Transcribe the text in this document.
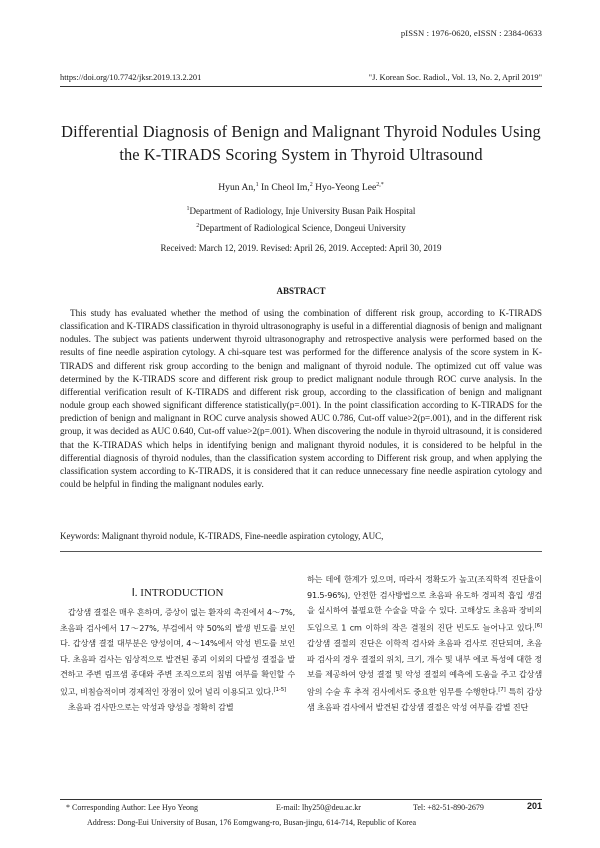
pISSN : 1976-0620, eISSN : 2384-0633
https://doi.org/10.7742/jksr.2019.13.2.201	"J. Korean Soc. Radiol., Vol. 13, No. 2, April 2019"
Differential Diagnosis of Benign and Malignant Thyroid Nodules Using
the K-TIRADS Scoring System in Thyroid Ultrasound
Hyun An,$^1$ In Cheol Im,$^2$ Hyo-Yeong Lee$^{2,*}$
$^1$Department of Radiology, Inje University Busan Paik Hospital
$^2$Department of Radiological Science, Dongeui University
Received: March 12, 2019. Revised: April 26, 2019. Accepted: April 30, 2019
ABSTRACT

This study has evaluated whether the method of using the combination of different risk group, according to K-TIRADS classification and K-TIRADS classification in thyroid ultrasonography is useful in a differential diagnosis of benign and malignant nodules. The subject was patients underwent thyroid ultrasonography and retrospective analysis were performed based on the results of fine needle aspiration cytology. A chi-square test was performed for the difference analysis of the score system in K-TIRADS and different risk group according to the benign and malignant of thyroid nodule. The optimized cut off value was determined by the K-TIRADS score and different risk group to predict malignant nodule through ROC curve analysis. In the differential verification result of K-TIRADS and different risk group, according to the classification of benign and malignant nodule group each showed significant difference statistically(p=.001). In the point classification according to K-TIRADS for the prediction of benign and malignant in ROC curve analysis showed AUC 0.786, Cut-off value>2(p=.001), and in the different risk group, it was decided as AUC 0.640, Cut-off value>2(p=.001). When discovering the nodule in thyroid ultrasound, it is considered that the K-TIRADAS which helps in identifying benign and malignant thyroid nodules, it is considered to be helpful in the differential diagnosis of thyroid nodules, than the classification system according to Different risk group, and when applying the classification system according to K-TIRADS, it is considered that it can reduce unnecessary fine needle aspiration cytology and could be helpful in finding the malignant nodules early.

Keywords: Malignant thyroid nodule, K-TIRADS, Fine-needle aspiration cytology, AUC,
Ⅰ. INTRODUCTION

갑상샘 결절은 매우 흔하며, 증상이 없는 환자의 촉진에서 4～7%, 초음파 검사에서 17～27%, 부검에서 약 50%의 발생 빈도를 보인다. 갑상샘 결절 대부분은 양성이며, 4～14%에서 악성 빈도를 보인다. 초음파 검사는 임상적으로 발견된 종괴 이외의 다발성 결절을 발견하고 주변 림프샘 종대와 주변 조직으로의 침범 여부를 확인할 수 있고, 비침습적이며 경제적인 장점이 있어 널리 이용되고 있다.[1-5]

초음파 검사만으로는 악성과 양성을 정확히 감별

하는 데에 한계가 있으며, 따라서 정확도가 높고(조직학적 진단율이 91.5-96%), 안전한 검사방법으로 초음파 유도하 경피적 흡입 생검을 실시하여 불필요한 수술을 막을 수 있다. 고해상도 초음파 장비의 도입으로 1 cm 이하의 작은 결절의 진단 빈도도 늘어나고 있다.[6] 갑상샘 결절의 진단은 이학적 검사와 초음파 검사로 진단되며, 초음파 검사의 경우 결절의 위치, 크기, 개수 및 내부 에코 특성에 대한 정보를 제공하여 양성 결절 및 악성 결절의 예측에 도움을 주고 갑상샘암의 수술 후 추적 검사에서도 중요한 임무를 수행한다.[7] 특히 갑상샘 초음파 검사에서 발견된 갑상샘 결절은 악성 여부를 감별 진단

* Corresponding Author: Lee Hyo Yeong	E-mail: lhy250@deu.ac.kr	Tel: +82-51-890-2679
Address: Dong-Eui University of Busan, 176 Eomgwang-ro, Busan-jingu, 614-714, Republic of Korea
201
